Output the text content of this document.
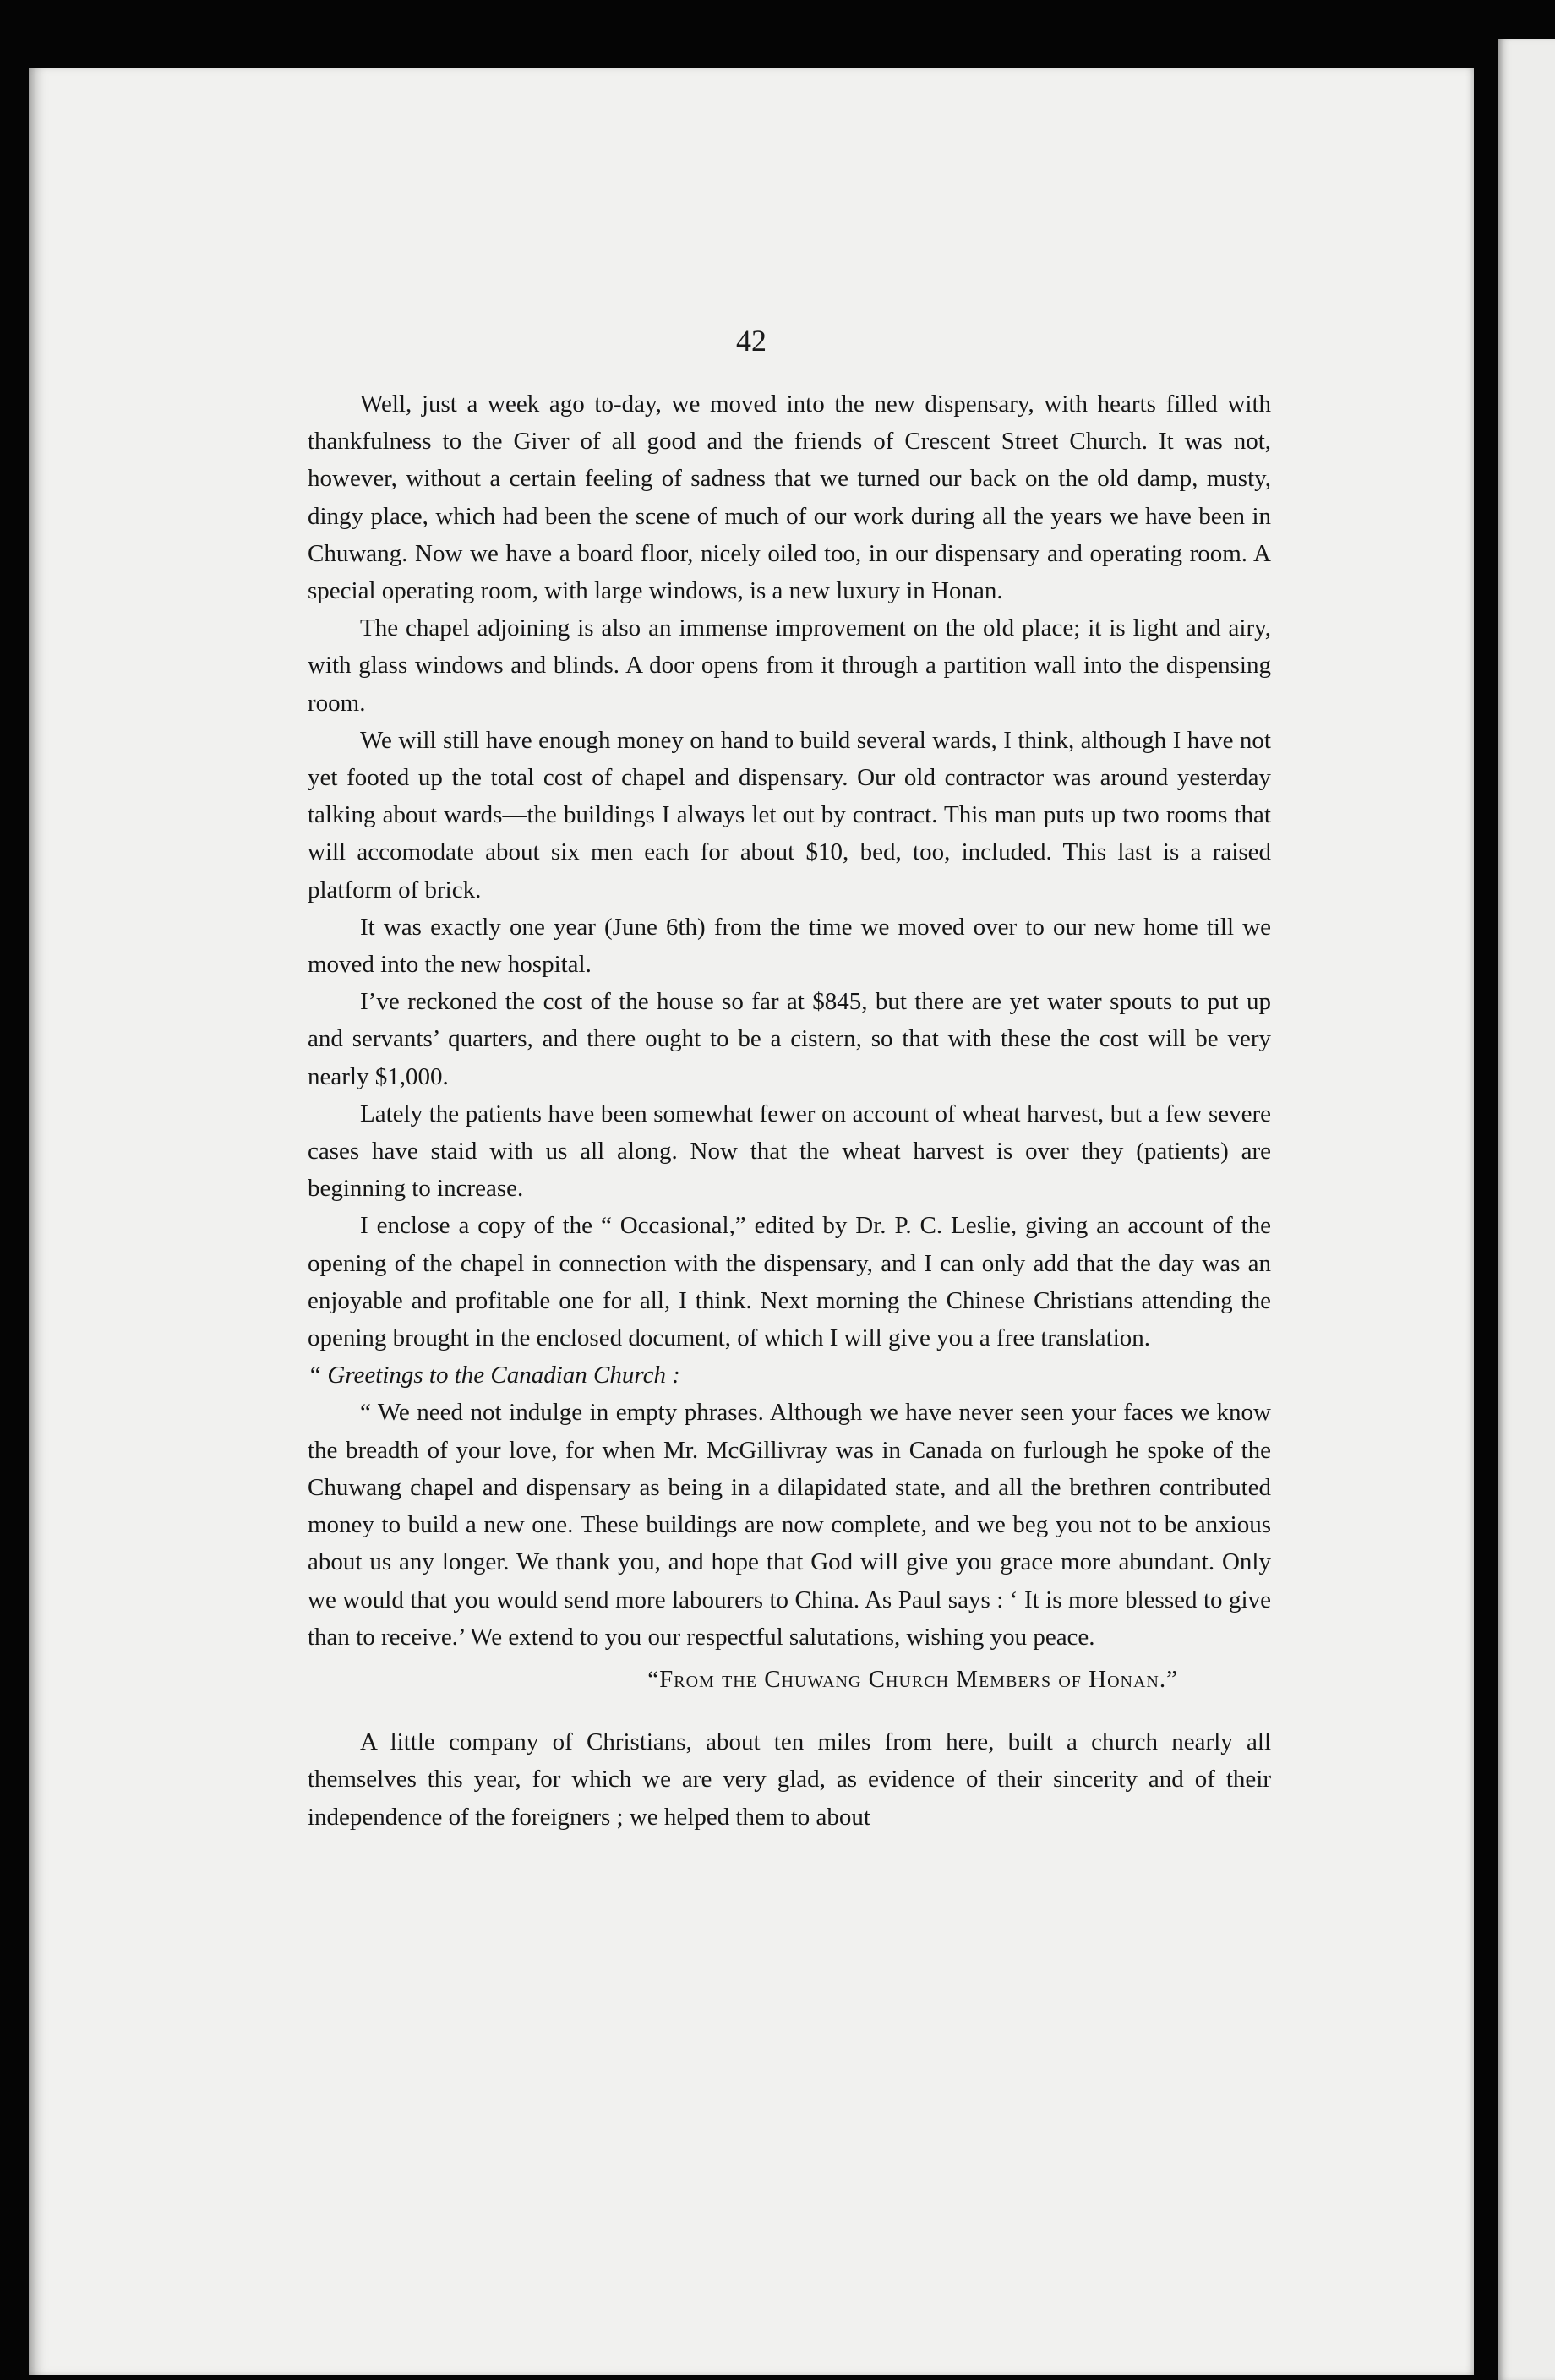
42

Well, just a week ago to-day, we moved into the new dispensary, with hearts filled with thankfulness to the Giver of all good and the friends of Crescent Street Church. It was not, however, without a certain feeling of sadness that we turned our back on the old damp, musty, dingy place, which had been the scene of much of our work during all the years we have been in Chuwang. Now we have a board floor, nicely oiled too, in our dispensary and operating room. A special operating room, with large windows, is a new luxury in Honan.

The chapel adjoining is also an immense improvement on the old place; it is light and airy, with glass windows and blinds. A door opens from it through a partition wall into the dispensing room.

We will still have enough money on hand to build several wards, I think, although I have not yet footed up the total cost of chapel and dispensary. Our old contractor was around yesterday talking about wards—the buildings I always let out by contract. This man puts up two rooms that will accomodate about six men each for about $10, bed, too, included. This last is a raised platform of brick.

It was exactly one year (June 6th) from the time we moved over to our new home till we moved into the new hospital.

I’ve reckoned the cost of the house so far at $845, but there are yet water spouts to put up and servants’ quarters, and there ought to be a cistern, so that with these the cost will be very nearly $1,000.

Lately the patients have been somewhat fewer on account of wheat harvest, but a few severe cases have staid with us all along. Now that the wheat harvest is over they (patients) are beginning to increase.

I enclose a copy of the “ Occasional,” edited by Dr. P. C. Leslie, giving an account of the opening of the chapel in connection with the dispensary, and I can only add that the day was an enjoyable and profitable one for all, I think. Next morning the Chinese Christians attending the opening brought in the enclosed document, of which I will give you a free translation.

“ Greetings to the Canadian Church :

“ We need not indulge in empty phrases. Although we have never seen your faces we know the breadth of your love, for when Mr. McGillivray was in Canada on furlough he spoke of the Chuwang chapel and dispensary as being in a dilapidated state, and all the brethren contributed money to build a new one. These buildings are now complete, and we beg you not to be anxious about us any longer. We thank you, and hope that God will give you grace more abundant. Only we would that you would send more labourers to China. As Paul says : ‘ It is more blessed to give than to receive.’ We extend to you our respectful salutations, wishing you peace.

“From the Chuwang Church Members of Honan.”

A little company of Christians, about ten miles from here, built a church nearly all themselves this year, for which we are very glad, as evidence of their sincerity and of their independence of the foreigners ; we helped them to about
